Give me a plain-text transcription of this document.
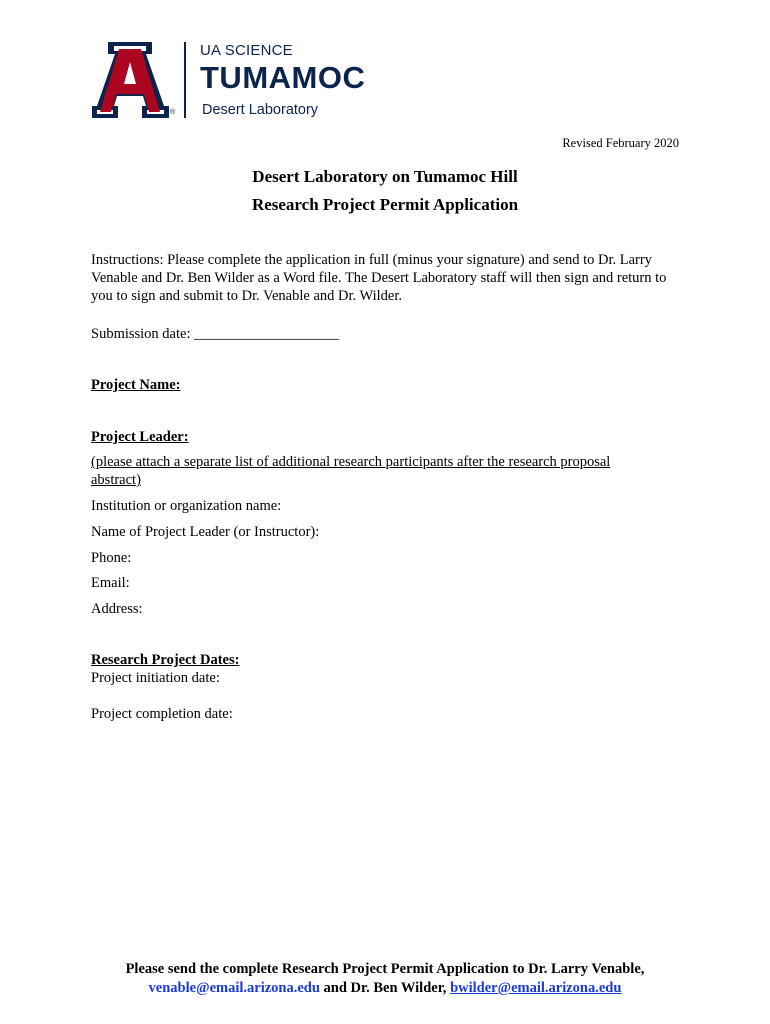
®
UA SCIENCE
TUMAMOC
Desert Laboratory
Revised February 2020
Desert Laboratory on Tumamoc Hill
Research Project Permit Application
Instructions: Please complete the application in full (minus your signature) and send to Dr. Larry Venable and Dr. Ben Wilder as a Word file. The Desert Laboratory staff will then sign and return to you to sign and submit to Dr. Venable and Dr. Wilder.
Submission date: ____________________
Project Name:
Project Leader:
(please attach a separate list of additional research participants after the research proposal abstract)
Institution or organization name:
Name of Project Leader (or Instructor):
Phone:
Email:
Address:
Research Project Dates:
Project initiation date:
Project completion date:
Please send the complete Research Project Permit Application to Dr. Larry Venable,
venable@email.arizona.edu and Dr. Ben Wilder, bwilder@email.arizona.edu
